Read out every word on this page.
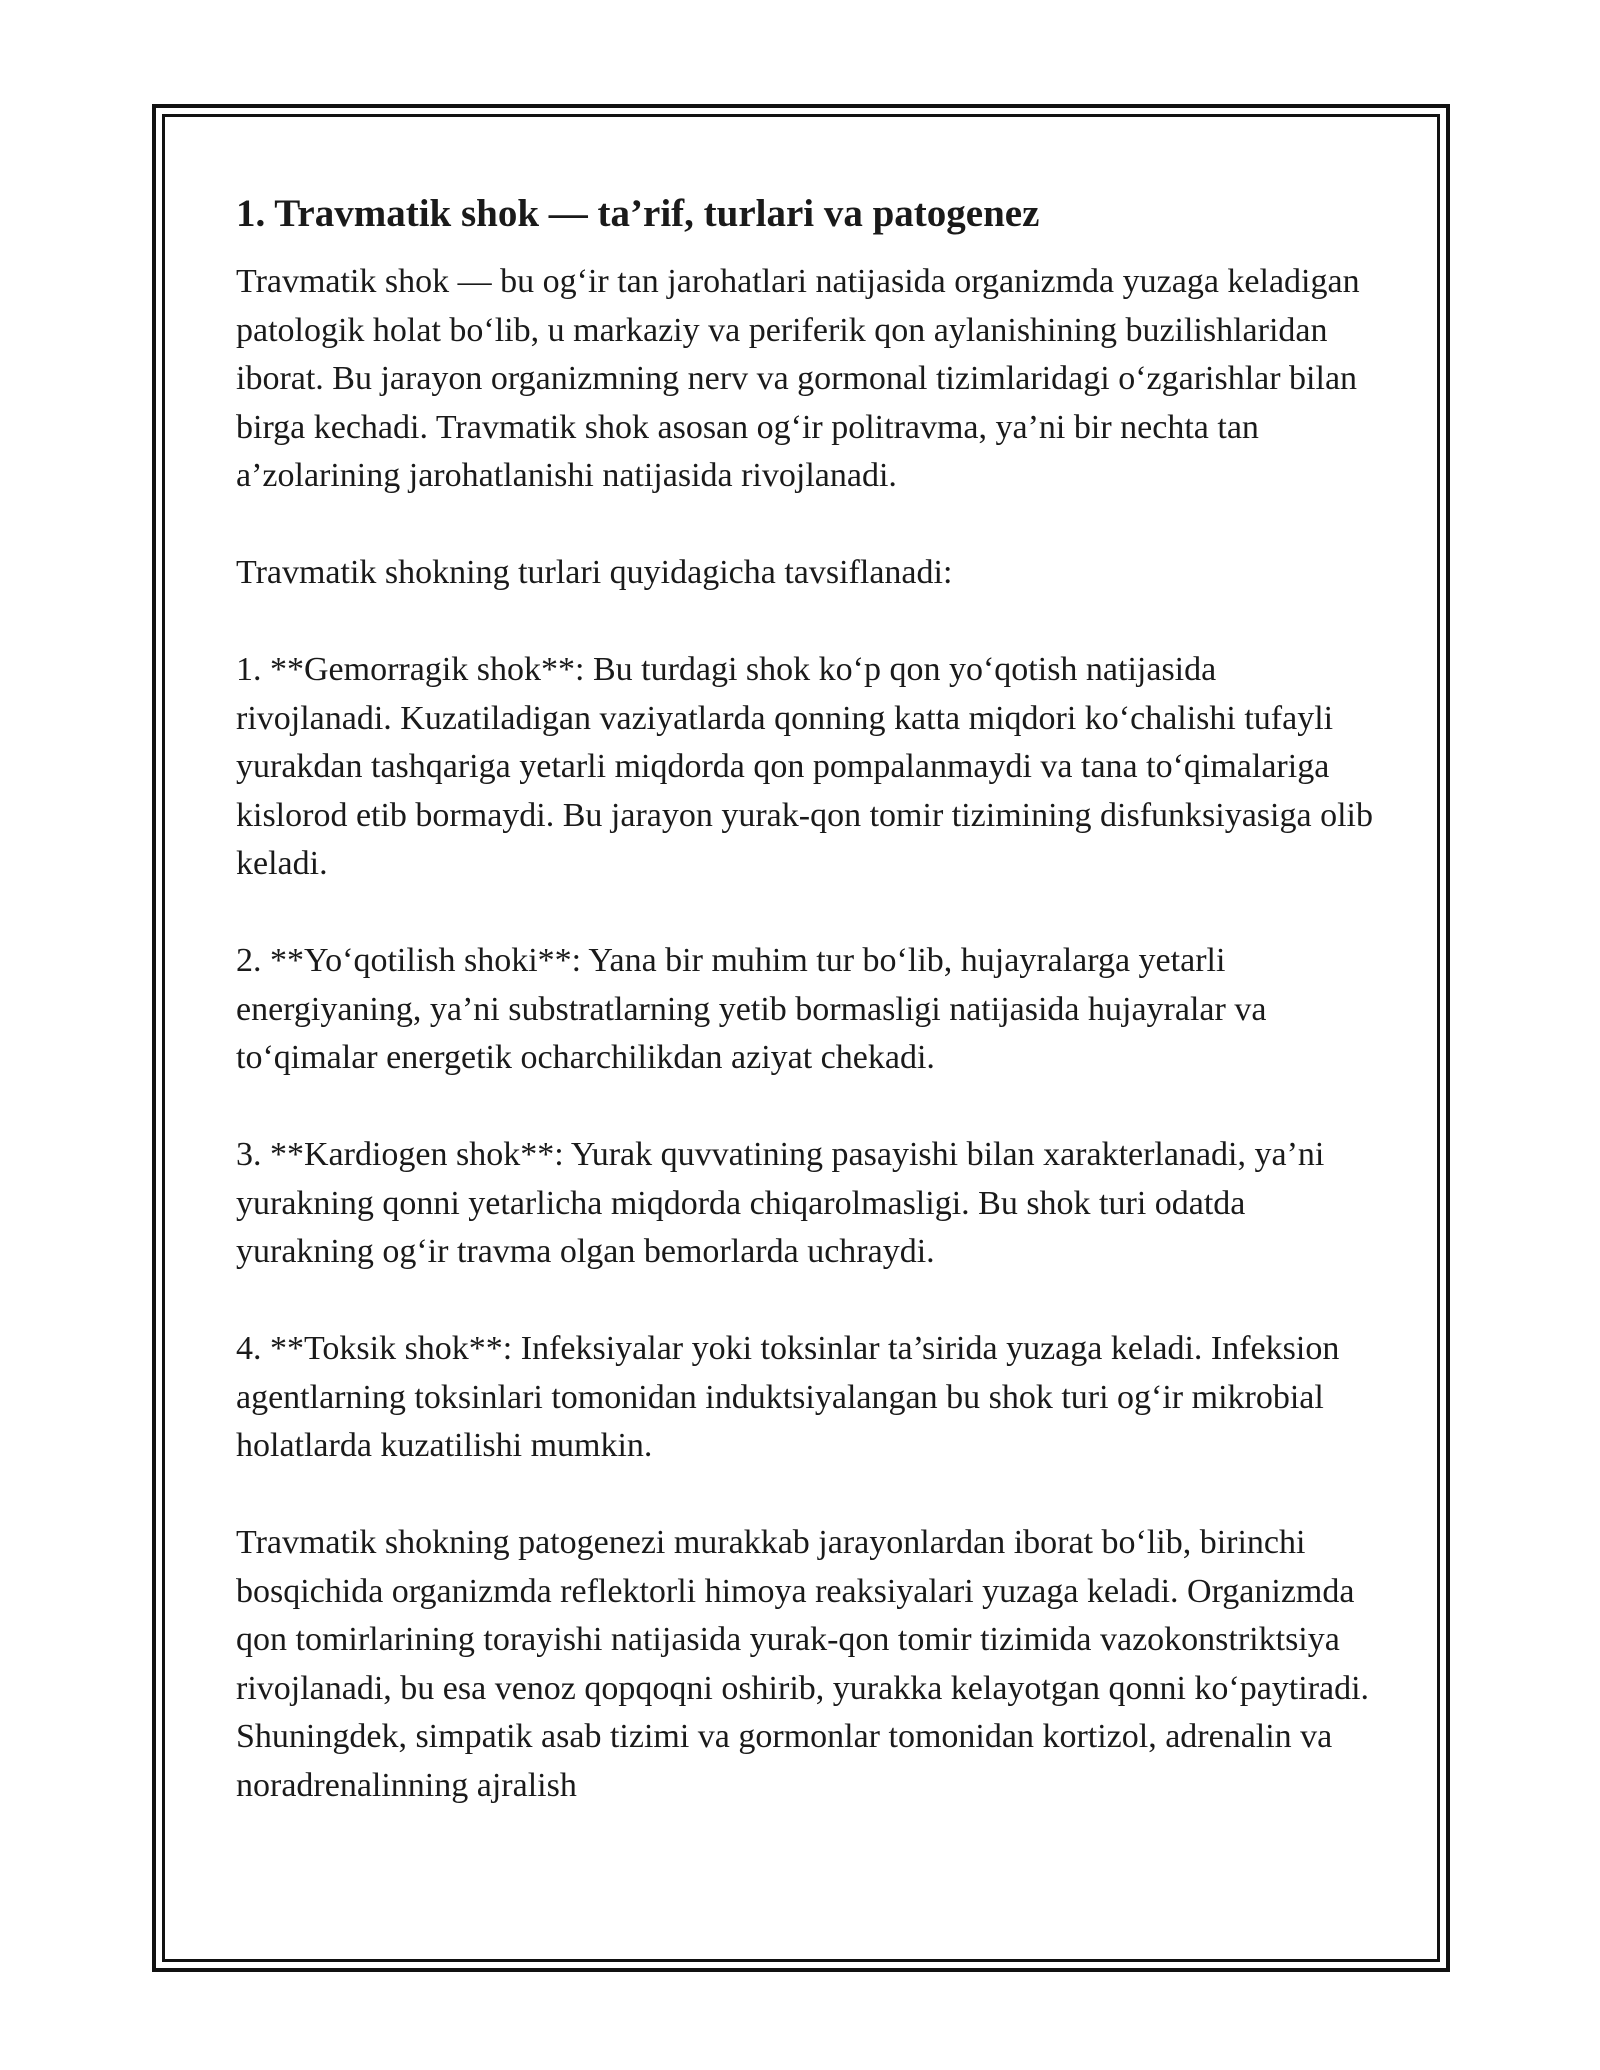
1. Travmatik shok — ta’rif, turlari va patogenez

Travmatik shok — bu og‘ir tan jarohatlari natijasida organizmda yuzaga keladigan patologik holat bo‘lib, u markaziy va periferik qon aylanishining buzilishlaridan iborat. Bu jarayon organizmning nerv va gormonal tizimlaridagi o‘zgarishlar bilan birga kechadi. Travmatik shok asosan og‘ir politravma, ya’ni bir nechta tan a’zolarining jarohatlanishi natijasida rivojlanadi.

Travmatik shokning turlari quyidagicha tavsiflanadi:

1. **Gemorragik shok**: Bu turdagi shok ko‘p qon yo‘qotish natijasida rivojlanadi. Kuzatiladigan vaziyatlarda qonning katta miqdori ko‘chalishi tufayli yurakdan tashqariga yetarli miqdorda qon pompalanmaydi va tana to‘qimalariga kislorod etib bormaydi. Bu jarayon yurak-qon tomir tizimining disfunksiyasiga olib keladi.

2. **Yo‘qotilish shoki**: Yana bir muhim tur bo‘lib, hujayralarga yetarli energiyaning, ya’ni substratlarning yetib bormasligi natijasida hujayralar va to‘qimalar energetik ocharchilikdan aziyat chekadi.

3. **Kardiogen shok**: Yurak quvvatining pasayishi bilan xarakterlanadi, ya’ni yurakning qonni yetarlicha miqdorda chiqarolmasligi. Bu shok turi odatda yurakning og‘ir travma olgan bemorlarda uchraydi.

4. **Toksik shok**: Infeksiyalar yoki toksinlar ta’sirida yuzaga keladi. Infeksion agentlarning toksinlari tomonidan induktsiyalangan bu shok turi og‘ir mikrobial holatlarda kuzatilishi mumkin.

Travmatik shokning patogenezi murakkab jarayonlardan iborat bo‘lib, birinchi bosqichida organizmda reflektorli himoya reaksiyalari yuzaga keladi. Organizmda qon tomirlarining torayishi natijasida yurak-qon tomir tizimida vazokonstriktsiya rivojlanadi, bu esa venoz qopqoqni oshirib, yurakka kelayotgan qonni ko‘paytiradi. Shuningdek, simpatik asab tizimi va gormonlar tomonidan kortizol, adrenalin va noradrenalinning ajralish
